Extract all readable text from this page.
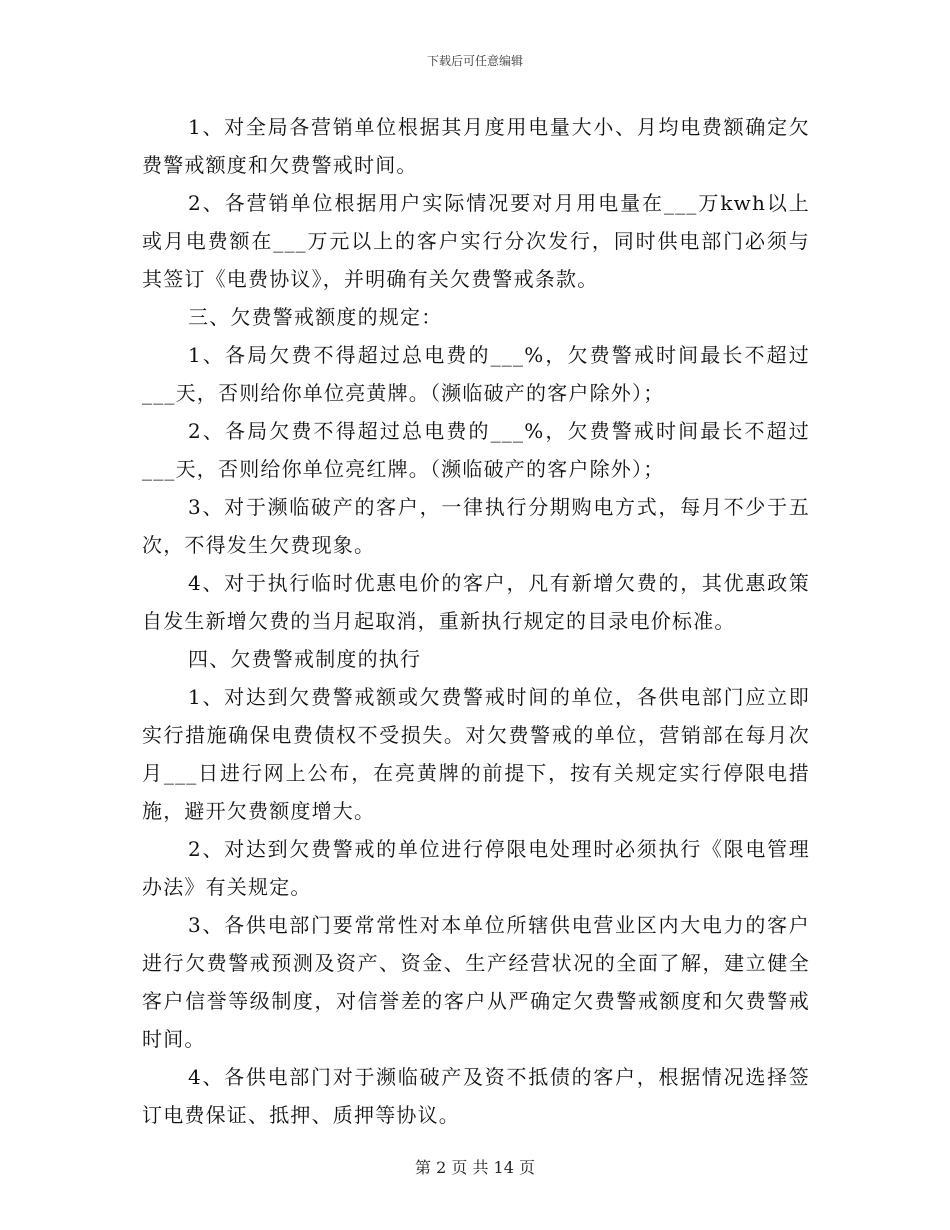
下载后可任意编辑

1、对全局各营销单位根据其月度用电量大小、月均电费额确定欠费警戒额度和欠费警戒时间。

2、各营销单位根据用户实际情况要对月用电量在___万kwh以上或月电费额在___万元以上的客户实行分次发行，同时供电部门必须与其签订《电费协议》，并明确有关欠费警戒条款。

三、欠费警戒额度的规定：

1、各局欠费不得超过总电费的___%，欠费警戒时间最长不超过___天，否则给你单位亮黄牌。（濒临破产的客户除外）；

2、各局欠费不得超过总电费的___%，欠费警戒时间最长不超过___天，否则给你单位亮红牌。（濒临破产的客户除外）；

3、对于濒临破产的客户，一律执行分期购电方式，每月不少于五次，不得发生欠费现象。

4、对于执行临时优惠电价的客户，凡有新增欠费的，其优惠政策自发生新增欠费的当月起取消，重新执行规定的目录电价标准。

四、欠费警戒制度的执行

1、对达到欠费警戒额或欠费警戒时间的单位，各供电部门应立即实行措施确保电费债权不受损失。对欠费警戒的单位，营销部在每月次月___日进行网上公布，在亮黄牌的前提下，按有关规定实行停限电措施，避开欠费额度增大。

2、对达到欠费警戒的单位进行停限电处理时必须执行《限电管理办法》有关规定。

3、各供电部门要常常性对本单位所辖供电营业区内大电力的客户进行欠费警戒预测及资产、资金、生产经营状况的全面了解，建立健全客户信誉等级制度，对信誉差的客户从严确定欠费警戒额度和欠费警戒时间。

4、各供电部门对于濒临破产及资不抵债的客户，根据情况选择签订电费保证、抵押、质押等协议。

第 2 页 共 14 页
